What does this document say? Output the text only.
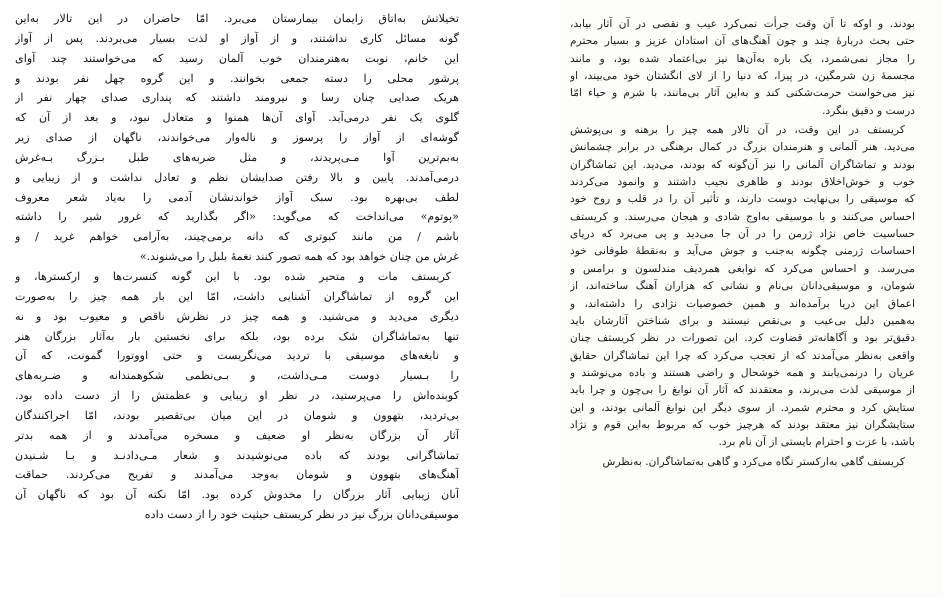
تخیلاتش به‌اتاق زایمان بیمارستان می‌برد. امّا حاضران در این تالار به‌این
گونه مسائل کاری نداشتند، و از آواز او لذت بسیار می‌بردند. پس از آواز
این خانم، نوبت به‌هنرمندان خوب آلمان رسید که می‌خواستند چند آوای
پرشور محلی را دسته جمعی بخوانند. و این گروه چهل نفر بودند و
هریک صدایی چنان رسا و نیرومند داشتند که پنداری صدای چهار نفر از
گلوی یک نفر درمی‌آید. آوای آن‌ها همنوا و متعادل نبود، و بعد از آن که
گوشه‌ای از آواز را پرسوز و ناله‌وار می‌خواندند، ناگهان از صدای زیر
به‌بم‌ترین آوا مـی‌پریدند، و مثل ضربه‌های طبل بـزرگ بـه‌غرش
درمی‌آمدند. پایین و بالا رفتن صدایشان نظم و تعادل نداشت و از زیبایی و
لطف بی‌بهره بود. سبک آواز خواندنشان آدمی را به‌یاد شعر معروف
«پوتوم» می‌انداخت که می‌گوید: «اگر بگذارید که غرور شیر را داشته
باشم / من مانند کبوتری که دانه برمی‌چیند، به‌آرامی خواهم غرید / و
غرش من چنان خواهد بود که همه تصور کنند نغمهٔ بلبل را می‌شنوند.»
کریستف مات و متحیر شده بود. با این گونه کنسرت‌ها و ارکسترها، و
این گروه از تماشاگران آشنایی داشت، امّا این بار همه چیز را به‌صورت
دیگری می‌دید و می‌شنید. و همه چیز در نظرش ناقص و معیوب بود و نه
تنها به‌تماشاگران شک برده بود، بلکه برای نخستین بار به‌آثار بزرگان هنر
و نابغه‌های موسیقی با تردید می‌نگریست و حتی اووتورا گمونت، که آن
را بـسیار دوست مـی‌داشت، و بـی‌نظمی شکوهمندانه و ضـربه‌های
کوبنده‌اش را می‌پرستید، در نظر او زیبایی و عظمتش را از دست داده بود.
بی‌تردید، بتهوون و شومان در این میان بی‌تقصیر بودند، امّا اجراکنندگان
آثار آن بزرگان به‌نظر او ضعیف و مسخره می‌آمدند و از همه بدتر
تماشاگرانی بودند که باده می‌نوشیدند و شعار مـی‌دادنـد و بـا شـنیدن
آهنگ‌های بتهوون و شومان به‌وجد می‌آمدند و تفریح می‌کردند. حماقت
آنان زیبایی آثار بزرگان را مخدوش کرده بود. امّا نکته آن بود که ناگهان آن
موسیقی‌دانان بزرگ نیز در نظر کریستف حیثیت خود را از دست داده
بودند. و اوکه تا آن وقت جرأت نمی‌کرد عیب و نقصی در آن آثار بیابد،
حتی بحث دربارهٔ چند و چون آهنگ‌های آن استادان عزیز و بسیار محترم
را مجاز نمی‌شمرد، یک باره به‌آن‌ها نیز بی‌اعتماد شده بود، و مانند
مجسمهٔ زن شرمگین، در پیزا، که دنیا را از لای انگشتان خود می‌بیند، او
نیز می‌خواست حرمت‌شکنی کند و به‌این آثار بی‌مانند، با شرم و حیاء امّا
درست و دقیق بنگرد.
کریستف در این وقت، در آن تالار همه چیز را برهنه و بی‌پوشش
می‌دید. هنر آلمانی و هنرمندان بزرگ در کمال برهنگی در برابر چشمانش
بودند و تماشاگران آلمانی را نیز آن‌گونه که بودند، می‌دید. این تماشاگران
خوب و خوش‌اخلاق بودند و ظاهری نجیب داشتند و وانمود می‌کردند
که موسیقی را بی‌نهایت دوست دارند، و تأثیر آن را در قلب و روح خود
احساس می‌کنند و با موسیقی به‌اوج شادی و هیجان می‌رسند. و کریستف
حساسیت خاص نژاد ژرمن را در آن جا می‌دید و پی می‌برد که دریای
احساسات ژرمنی چگونه به‌جنب و جوش می‌آید و به‌نقطهٔ طوفانی خود
می‌رسد. و احساس می‌کرد که نوابغی همردیف مندلسون و برامس و
شومان، و موسیقی‌دانان بی‌نام و نشانی که هزاران آهنگ ساخته‌اند، از
اعماق این دریا برآمده‌اند و همین خصوصیات نژادی را داشته‌اند، و
به‌همین دلیل بی‌عیب و بی‌نقص نیستند و برای شناختن آثارشان باید
دقیق‌تر بود و آگاهانه‌تر قضاوت کرد. این تصورات در نظر کریستف چنان
واقعی به‌نظر می‌آمدند که از تعجب می‌کرد که چرا این تماشاگران حقایق
عریان را درنمی‌یابند و همه خوشحال و راضی هستند و باده می‌نوشند و
از موسیقی لذت می‌برند، و معتقدند که آثار آن نوابغ را بی‌چون و چرا باید
ستایش کرد و محترم شمرد. از سوی دیگر این نوابغ آلمانی بودند، و این
ستایشگران نیز معتقد بودند که هرچیز خوب که مربوط به‌این قوم و نژاد
باشد، با عزت و احترام بایستی از آن نام برد.
کریستف گاهی به‌ارکستر نگاه می‌کرد و گاهی به‌تماشاگران. به‌نظرش
